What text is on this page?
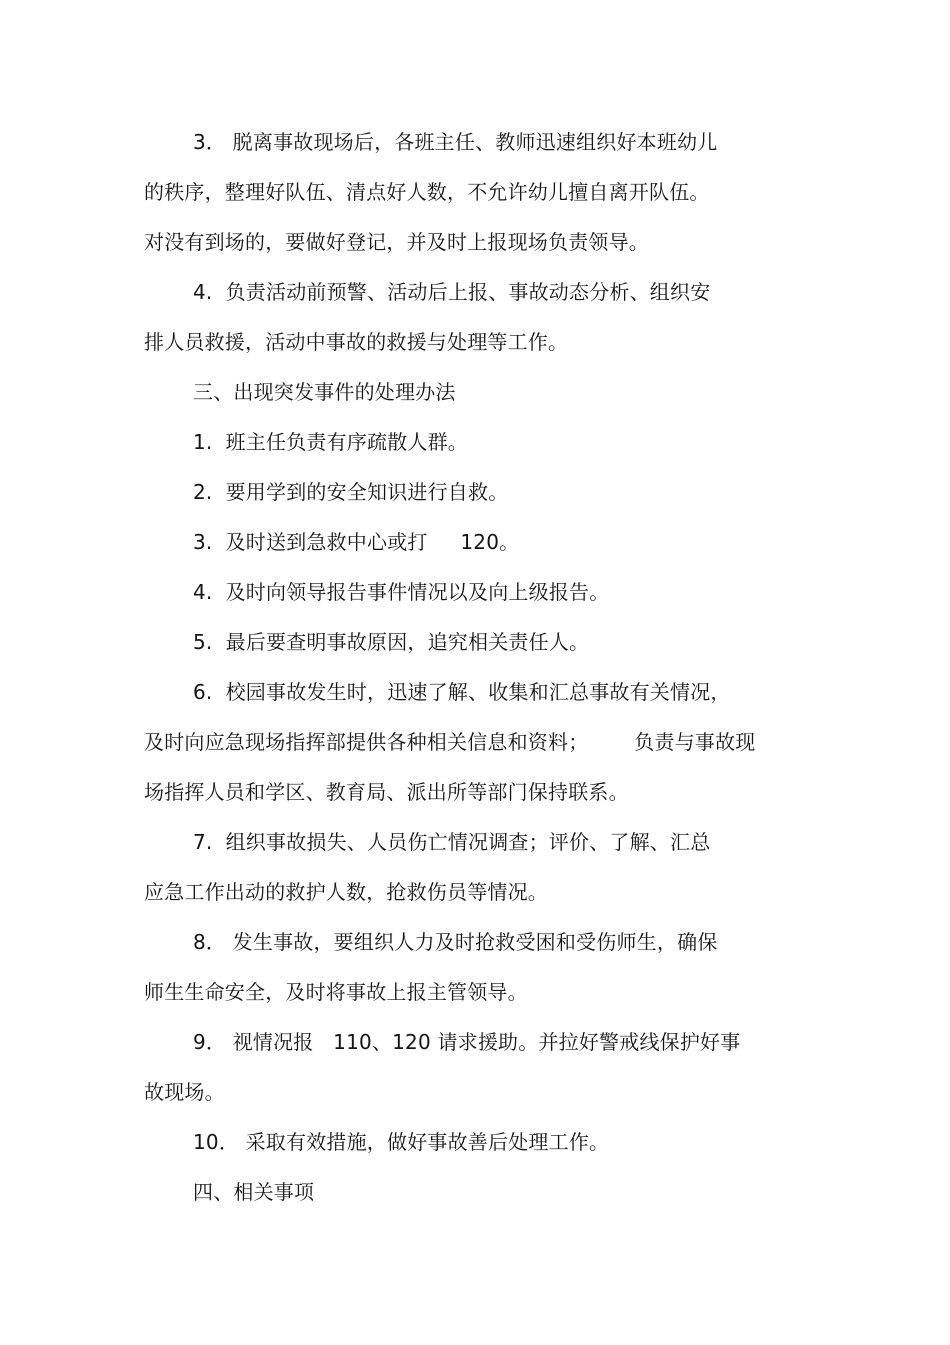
3． 脱离事故现场后，各班主任、教师迅速组织好本班幼儿
的秩序，整理好队伍、清点好人数，不允许幼儿擅自离开队伍。
对没有到场的，要做好登记，并及时上报现场负责领导。
4.  负责活动前预警、活动后上报、事故动态分析、组织安
排人员救援，活动中事故的救援与处理等工作。
三、出现突发事件的处理办法
1.  班主任负责有序疏散人群。
2.  要用学到的安全知识进行自救。
3.  及时送到急救中心或打     120。
4.  及时向领导报告事件情况以及向上级报告。
5.  最后要查明事故原因，追究相关责任人。
6.  校园事故发生时，迅速了解、收集和汇总事故有关情况，
及时向应急现场指挥部提供各种相关信息和资料；       负责与事故现
场指挥人员和学区、教育局、派出所等部门保持联系。
7.  组织事故损失、人员伤亡情况调查；评价、了解、汇总
应急工作出动的救护人数，抢救伤员等情况。
8． 发生事故，要组织人力及时抢救受困和受伤师生，确保
师生生命安全，及时将事故上报主管领导。
9． 视情况报   110、120 请求援助。并拉好警戒线保护好事
故现场。
10． 采取有效措施，做好事故善后处理工作。
四、相关事项
